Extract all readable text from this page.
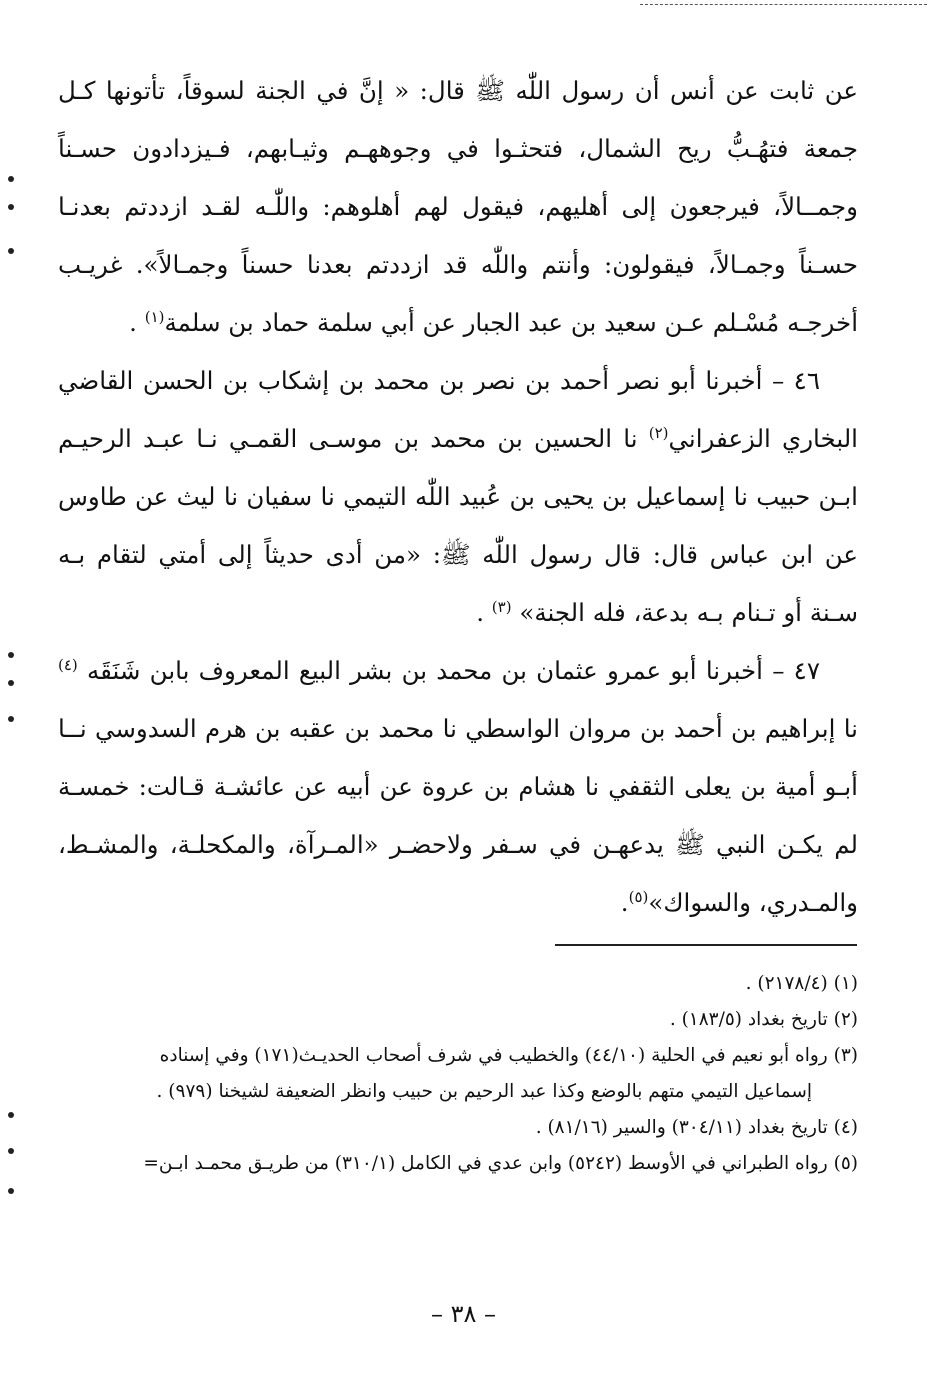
عن ثابت عن أنس أن رسول اللّٰه ﷺ قال: « إنَّ في الجنة لسوقاً، تأتونها كـل جمعة فتهُـبُّ ريح الشمال، فتحثـوا في وجوههـم وثيـابهم، فـيزدادون حسـناً وجمــالاً، فيرجعون إلى أهليهم، فيقول لهم أهلوهم: واللّٰـه لقـد ازددتم بعدنـا حسـناً وجمـالاً، فيقولون: وأنتم واللّٰه قد ازددتم بعدنا حسناً وجمـالاً». غريـب أخرجـه مُسْـلم عـن سعيد بن عبد الجبار عن أبي سلمة حماد بن سلمة$^{(١)}$ .

٤٦ – أخبرنا أبو نصر أحمد بن نصر بن محمد بن إشكاب بن الحسن القاضي البخاري الزعفراني$^{(٢)}$ نا الحسين بن محمد بن موسـى القمـي نـا عبـد الرحيـم ابـن حبيب نا إسماعيل بن يحيى بن عُبيد اللّٰه التيمي نا سفيان نا ليث عن طاوس عن ابن عباس قال: قال رسول اللّٰه ﷺ: «من أدى حديثاً إلى أمتي لتقام بـه سـنة أو تـنام بـه بدعة، فله الجنة» $^{(٣)}$ .

٤٧ – أخبرنا أبو عمرو عثمان بن محمد بن بشر البيع المعروف بابن شَنَقَه $^{(٤)}$ نا إبراهيم بن أحمد بن مروان الواسطي نا محمد بن عقبه بن هرم السدوسي نــا أبـو أمية بن يعلى الثقفي نا هشام بن عروة عن أبيه عن عائشـة قـالت: خمسـة لم يكـن النبي ﷺ يدعهـن في سـفر ولاحضـر «المـرآة، والمكحلـة، والمشـط، والمـدري، والسواك»$^{(٥)}$.

(١) (٢١٧٨/٤) .

(٢) تاريخ بغداد (١٨٣/٥) .

(٣) رواه أبو نعيم في الحلية (٤٤/١٠) والخطيب في شرف أصحاب الحديـث(١٧١) وفي إسناده

إسماعيل التيمي متهم بالوضع وكذا عبد الرحيم بن حبيب وانظر الضعيفة لشيخنا (٩٧٩) .

(٤) تاريخ بغداد (٣٠٤/١١) والسير (٨١/١٦) .

(٥) رواه الطبراني في الأوسط (٥٢٤٢) وابن عدي في الكامل (٣١٠/١) من طريـق محمـد ابـن=

– ٣٨ –
